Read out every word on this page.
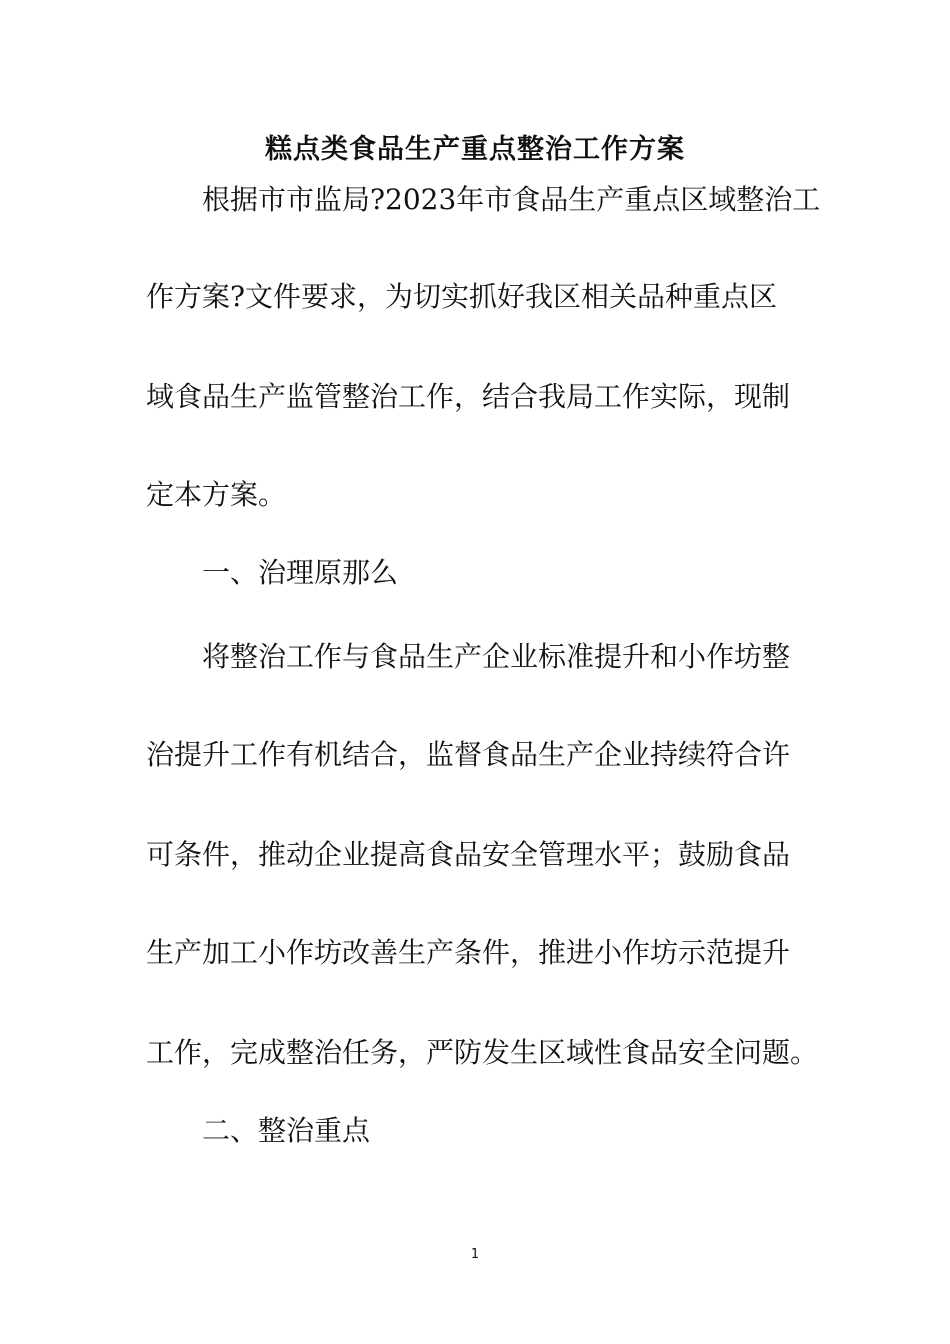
糕点类食品生产重点整治工作方案

根据市市监局?2023年市食品生产重点区域整治工

作方案?文件要求，为切实抓好我区相关品种重点区

域食品生产监管整治工作，结合我局工作实际，现制

定本方案。

一、治理原那么

将整治工作与食品生产企业标准提升和小作坊整

治提升工作有机结合，监督食品生产企业持续符合许

可条件，推动企业提高食品安全管理水平；鼓励食品

生产加工小作坊改善生产条件，推进小作坊示范提升

工作，完成整治任务，严防发生区域性食品安全问题。

二、整治重点

1
